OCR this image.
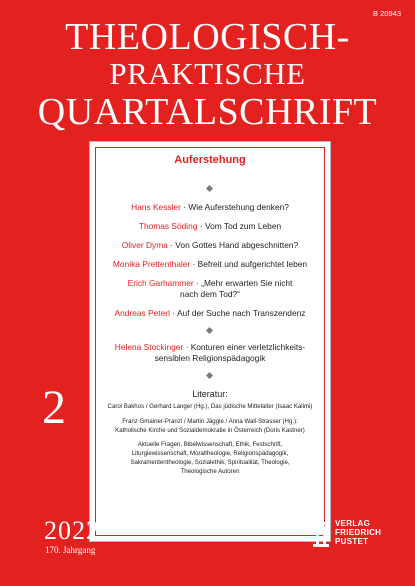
B 20943
THEOLOGISCH-
PRAKTISCHE
QUARTALSCHRIFT
Auferstehung
Hans Kessler · Wie Auferstehung denken?
Thomas Söding · Vom Tod zum Leben
Oliver Dyma · Von Gottes Hand abgeschnitten?
Monika Prettenthaler · Befreit und aufgerichtet leben
Erich Garhammer · „Mehr erwarten Sie nicht
nach dem Tod?“
Andreas Peterl · Auf der Suche nach Transzendenz
Helena Stockinger · Konturen einer verletzlichkeits-
sensiblen Religionspädagogik
Literatur:
Carol Bakhos / Gerhard Langer (Hg.), Das jüdische Mittelalter (Isaac Kalimi)
Franz Gmainer-Pranzl / Martin Jäggle / Anna Wall-Strasser (Hg.):
Katholische Kirche und Sozialdemokratie in Österreich (Doris Kastner)
Aktuelle Fragen, Bibelwissenschaft, Ethik, Festschrift,
Liturgiewissenschaft, Moraltheologie, Religionspädagogik,
Sakramententheologie, Sozialethik, Spiritualität, Theologie,
Theologische Autoren
2
2022
170. Jahrgang
VERLAG
FRIEDRICH
PUSTET
